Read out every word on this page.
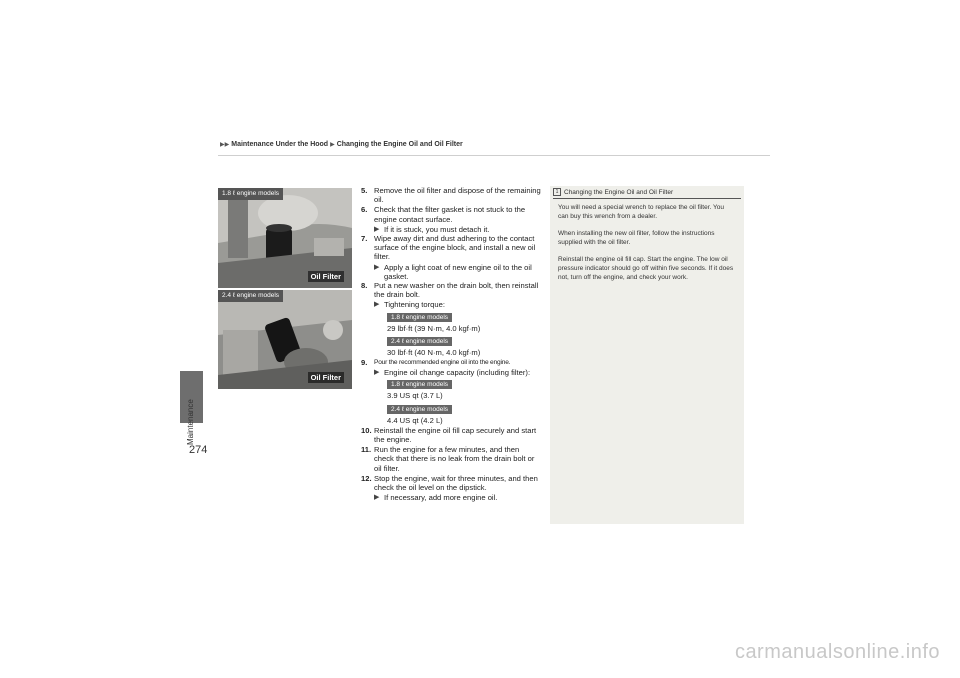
▶▶ Maintenance Under the Hood ▶ Changing the Engine Oil and Oil Filter
Maintenance
274
1.8 ℓ engine models
Oil Filter
2.4 ℓ engine models
Oil Filter
5. Remove the oil filter and dispose of the remaining oil.
6. Check that the filter gasket is not stuck to the engine contact surface.
▶ If it is stuck, you must detach it.
7. Wipe away dirt and dust adhering to the contact surface of the engine block, and install a new oil filter.
▶ Apply a light coat of new engine oil to the oil gasket.
8. Put a new washer on the drain bolt, then reinstall the drain bolt.
▶ Tightening torque:
1.8 ℓ engine models
29 lbf·ft (39 N·m, 4.0 kgf·m)
2.4 ℓ engine models
30 lbf·ft (40 N·m, 4.0 kgf·m)
9.	Pour the recommended engine oil into the engine.
▶ Engine oil change capacity (including filter):
1.8 ℓ engine models
3.9 US qt (3.7 L)
2.4 ℓ engine models
4.4 US qt (4.2 L)
10. Reinstall the engine oil fill cap securely and start the engine.
11. Run the engine for a few minutes, and then check that there is no leak from the drain bolt or oil filter.
12. Stop the engine, wait for three minutes, and then check the oil level on the dipstick.
▶ If necessary, add more engine oil.
1 Changing the Engine Oil and Oil Filter

You will need a special wrench to replace the oil filter. You can buy this wrench from a dealer.

When installing the new oil filter, follow the instructions supplied with the oil filter.

Reinstall the engine oil fill cap. Start the engine. The low oil pressure indicator should go off within five seconds. If it does not, turn off the engine, and check your work.

carmanualsonline.info
